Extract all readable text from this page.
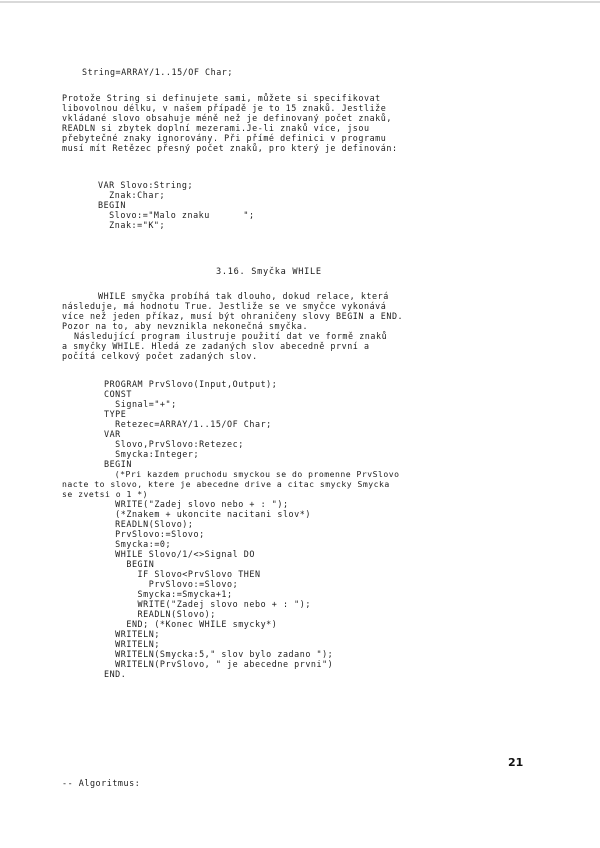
String=ARRAY/1..15/OF Char;
Protože String si definujete sami, můžete si specifikovat
libovolnou délku, v našem případě je to 15 znaků. Jestliže
vkládané slovo obsahuje méně než je definovaný počet znaků,
READLN si zbytek doplní mezerami.Je-li znaků více, jsou
přebytečné znaky ignorovány. Při přímé definici v programu
musí mít Retězec přesný počet znaků, pro který je definován:
VAR Slovo:String;
Znak:Char;
BEGIN
Slovo:="Malo znaku      ";
Znak:="K";
3.16. Smyčka WHILE
WHILE smyčka probíhá tak dlouho, dokud relace, která
následuje, má hodnotu True. Jestliže se ve smyčce vykonává
více než jeden příkaz, musí být ohraničeny slovy BEGIN a END.
Pozor na to, aby nevznikla nekonečná smyčka.
Následující program ilustruje použití dat ve formě znaků
a smyčky WHILE. Hledá ze zadaných slov abecedně první a
počítá celkový počet zadaných slov.
PROGRAM PrvSlovo(Input,Output);
CONST
Signal="+";
TYPE
Retezec=ARRAY/1..15/OF Char;
VAR
Slovo,PrvSlovo:Retezec;
Smycka:Integer;
BEGIN
(*Pri kazdem pruchodu smyckou se do promenne PrvSlovo
nacte to slovo, ktere je abecedne drive a citac smycky Smycka
se zvetsi o 1 *)
WRITE("Zadej slovo nebo + : ");
(*Znakem + ukoncite nacitani slov*)
READLN(Slovo);
PrvSlovo:=Slovo;
Smycka:=0;
WHILE Slovo/1/<>Signal DO
BEGIN
IF Slovo<PrvSlovo THEN
PrvSlovo:=Slovo;
Smycka:=Smycka+1;
WRITE("Zadej slovo nebo + : ");
READLN(Slovo);
END; (*Konec WHILE smycky*)
WRITELN;
WRITELN;
WRITELN(Smycka:5," slov bylo zadano ");
WRITELN(PrvSlovo, " je abecedne prvni")
END.
21
-- Algoritmus:
